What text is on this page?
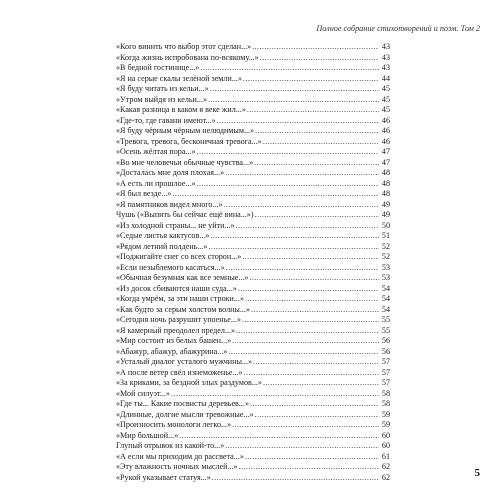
Полное собрание стихотворений и поэм. Том 2
«Кого винить что выбор этот сделан...» .....	43
«Когда жизнь испробована по-всякому...» .....	43
«В бедной гостинице...» .....	43
«Я на серые скалы зелёной земли...» .....	44
«Я буду читать из кельи...» .....	45
«Утром выйдя из кельи...» .....	45
«Какая разница в каком я веке жил...» .....	45
«Где-то, где гавани имеют...» .....	46
«Я буду чёрным чёрным нелюдимым...» .....	46
«Тревога, тревога, бесконечная тревога...» .....	46
«Осень жёлтая пора...» .....	47
«Во мне человечьи обычные чувства...» .....	47
«Досталась мне доля плохая...» .....	48
«А есть ли прошлое...» .....	48
«Я был везде...» .....	48
«Я памятников видел много...» .....	49
Чушь («Выпить бы сейчас ещё вина...») .....	49
«Из холодной страны... не уйти...» .....	50
«Седые листья кактусов...» .....	51
«Рядом летний полдень...» .....	52
«Поджигайте снег со всех сторон...» .....	52
«Если незыблемого касаться...» .....	53
«Обычная безумная как все земные...» .....	53
«Из досок сбиваются наши суда...» .....	54
«Когда умрём, за эти наши строки...» .....	54
«Как будто за серым холстом волны...» .....	54
«Сегодня ночь разрушит упоенье...» .....	55
«Я камерный преодолел предел...» .....	55
«Мир состоит из белых башен...» .....	56
«Абажур, абажур, абажурина...» .....	56
«Усталый диалог усталого мужчины...» .....	57
«А после ветер свёл изнеможенье...» .....	57
«За криками, за бездной злых раздумов...» .....	57
«Мой силуэт...» .....	58
«Где ты... Какие посвисты деревьев...» .....	58
«Длинные, долгие мысли тревожные...» .....	59
«Произносить монологи легко...» .....	59
«Мир большой...» .....	60
Глупый отрывок из какой-то...» .....	60
«А если мы приходим до рассвета...» .....	61
«Эту влажность ночных мыслей...» .....	62
«Рукой указывает статуя...» .....	62	5
